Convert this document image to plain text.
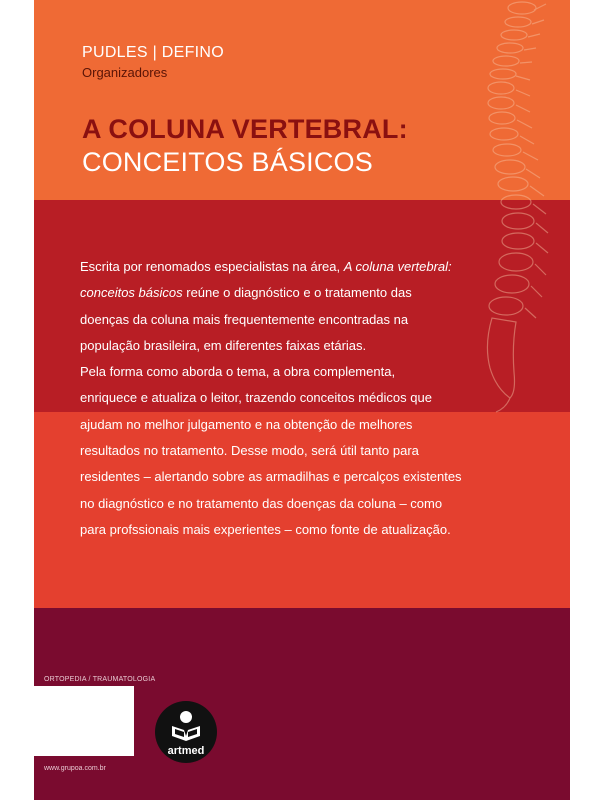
PUDLES | DEFINO
Organizadores
A COLUNA VERTEBRAL:
CONCEITOS BÁSICOS

Escrita por renomados especialistas na área, A coluna vertebral:

conceitos básicos reúne o diagnóstico e o tratamento das

doenças da coluna mais frequentemente encontradas na

população brasileira, em diferentes faixas etárias.

Pela forma como aborda o tema, a obra complementa,

enriquece e atualiza o leitor, trazendo conceitos médicos que

ajudam no melhor julgamento e na obtenção de melhores

resultados no tratamento. Desse modo, será útil tanto para

residentes – alertando sobre as armadilhas e percalços existentes

no diagnóstico e no tratamento das doenças da coluna – como

para profssionais mais experientes – como fonte de atualização.

ORTOPEDIA / TRAUMATOLOGIA
artmed
www.grupoa.com.br
